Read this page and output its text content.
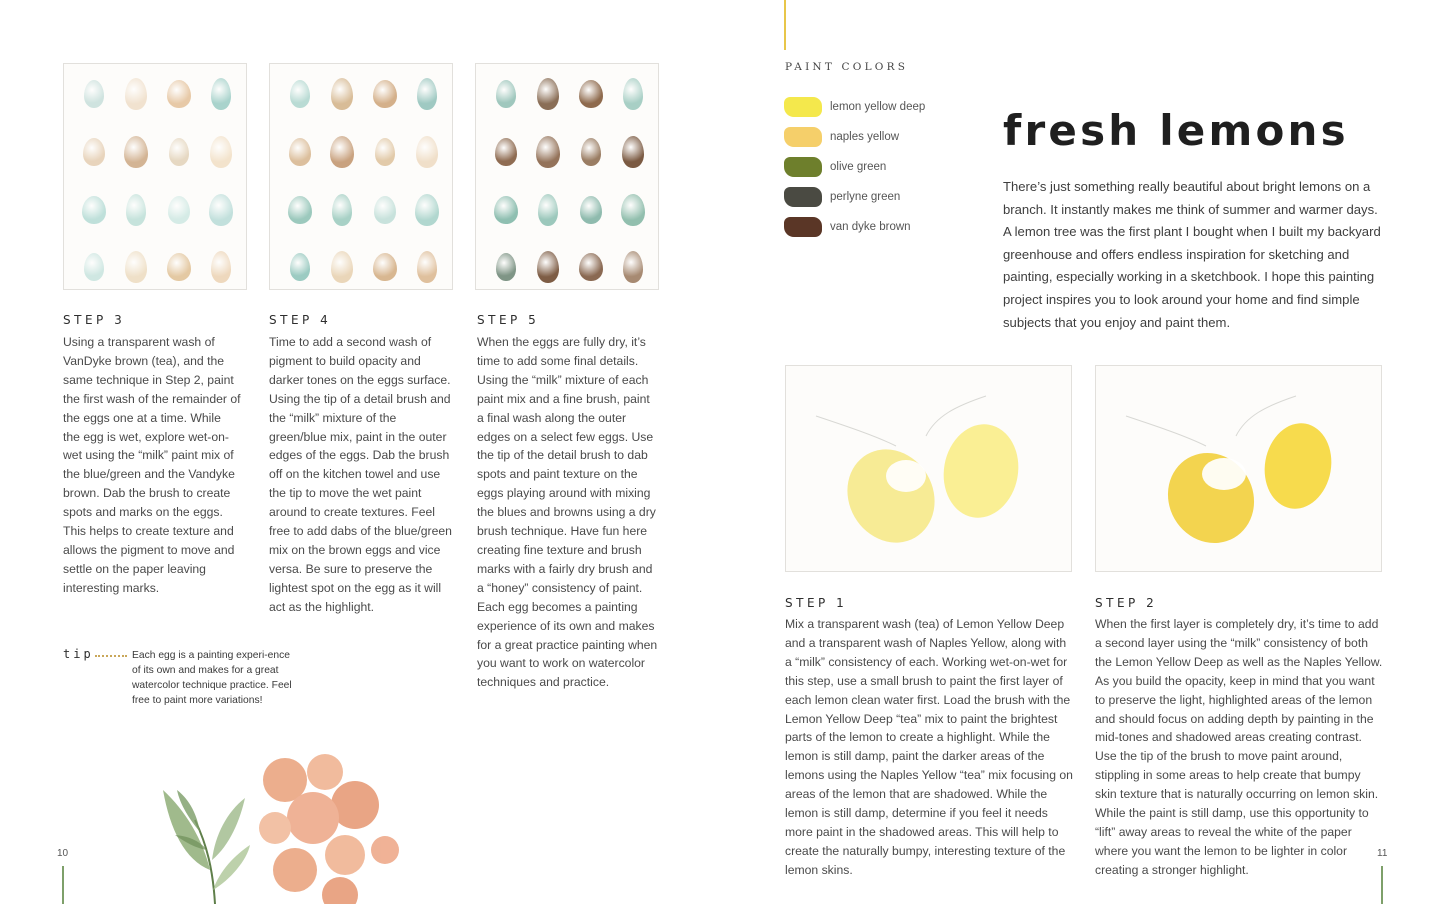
STEP 3
Using a transparent wash of VanDyke brown (tea), and the same technique in Step 2, paint the first wash of the remainder of the eggs one at a time. While the egg is wet, explore wet-on-wet using the “milk” paint mix of the blue/green and the Vandyke brown. Dab the brush to create spots and marks on the eggs. This helps to create texture and allows the pigment to move and settle on the paper leaving interesting marks.
STEP 4
Time to add a second wash of pigment to build opacity and darker tones on the eggs surface. Using the tip of a detail brush and the “milk” mixture of the green/blue mix, paint in the outer edges of the eggs. Dab the brush off on the kitchen towel and use the tip to move the wet paint around to create textures. Feel free to add dabs of the blue/green mix on the brown eggs and vice versa. Be sure to preserve the lightest spot on the egg as it will act as the highlight.
STEP 5
When the eggs are fully dry, it’s time to add some final details. Using the “milk” mixture of each paint mix and a fine brush, paint a final wash along the outer edges on a select few eggs. Use the tip of the detail brush to dab spots and paint texture on the eggs playing around with mixing the blues and browns using a dry brush technique. Have fun here creating fine texture and brush marks with a fairly dry brush and a “honey” consistency of paint. Each egg becomes a painting experience of its own and makes for a great practice painting when you want to work on watercolor techniques and practice.
tip	Each egg is a painting experi-ence of its own and makes for a great watercolor technique practice. Feel free to paint more variations!
10
PAINT COLORS
lemon yellow deep
naples yellow
olive green
perlyne green
van dyke brown
fresh lemons
There’s just something really beautiful about bright lemons on a branch. It instantly makes me think of summer and warmer days. A lemon tree was the first plant I bought when I built my backyard greenhouse and offers endless inspiration for sketching and painting, especially working in a sketchbook. I hope this painting project inspires you to look around your home and find simple subjects that you enjoy and paint them.
STEP 1
Mix a transparent wash (tea) of Lemon Yellow Deep and a transparent wash of Naples Yellow, along with a “milk” consistency of each. Working wet-on-wet for this step, use a small brush to paint the first layer of each lemon clean water first. Load the brush with the Lemon Yellow Deep “tea” mix to paint the brightest parts of the lemon to create a highlight. While the lemon is still damp, paint the darker areas of the lemons using the Naples Yellow “tea” mix focusing on areas of the lemon that are shadowed. While the lemon is still damp, determine if you feel it needs more paint in the shadowed areas. This will help to create the naturally bumpy, interesting texture of the lemon skins.
STEP 2
When the first layer is completely dry, it’s time to add a second layer using the “milk” consistency of both the Lemon Yellow Deep as well as the Naples Yellow. As you build the opacity, keep in mind that you want to preserve the light, highlighted areas of the lemon and should focus on adding depth by painting in the mid-tones and shadowed areas creating contrast. Use the tip of the brush to move paint around, stippling in some areas to help create that bumpy skin texture that is naturally occurring on lemon skin. While the paint is still damp, use this opportunity to “lift” away areas to reveal the white of the paper where you want the lemon to be lighter in color creating a stronger highlight.
11
